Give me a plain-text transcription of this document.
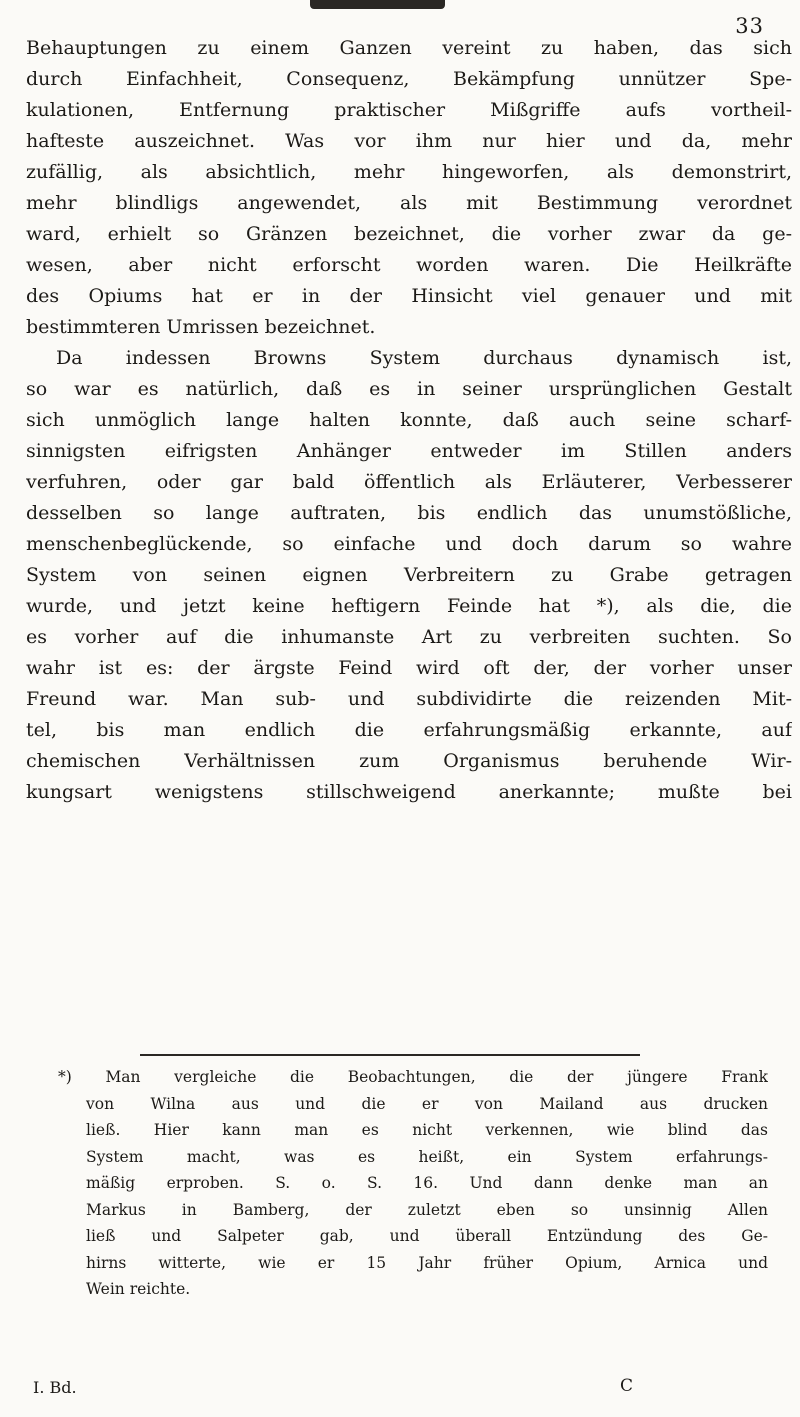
33
Behauptungen zu einem Ganzen vereint zu haben, das sich
durch Einfachheit, Consequenz, Bekämpfung unnützer Spe-
kulationen, Entfernung praktischer Mißgriffe aufs vortheil-
hafteste auszeichnet. Was vor ihm nur hier und da, mehr
zufällig, als absichtlich, mehr hingeworfen, als demonstrirt,
mehr blindligs angewendet, als mit Bestimmung verordnet
ward, erhielt so Gränzen bezeichnet, die vorher zwar da ge-
wesen, aber nicht erforscht worden waren. Die Heilkräfte
des Opiums hat er in der Hinsicht viel genauer und mit
bestimmteren Umrissen bezeichnet.
Da indessen Browns System durchaus dynamisch ist,
so war es natürlich, daß es in seiner ursprünglichen Gestalt
sich unmöglich lange halten konnte, daß auch seine scharf-
sinnigsten eifrigsten Anhänger entweder im Stillen anders
verfuhren, oder gar bald öffentlich als Erläuterer, Verbesserer
desselben so lange auftraten, bis endlich das unumstößliche,
menschenbeglückende, so einfache und doch darum so wahre
System von seinen eignen Verbreitern zu Grabe getragen
wurde, und jetzt keine heftigern Feinde hat *), als die, die
es vorher auf die inhumanste Art zu verbreiten suchten. So
wahr ist es: der ärgste Feind wird oft der, der vorher unser
Freund war. Man sub- und subdividirte die reizenden Mit-
tel, bis man endlich die erfahrungsmäßig erkannte, auf
chemischen Verhältnissen zum Organismus beruhende Wir-
kungsart wenigstens stillschweigend anerkannte; mußte bei
*) Man vergleiche die Beobachtungen, die der jüngere Frank
von Wilna aus und die er von Mailand aus drucken
ließ. Hier kann man es nicht verkennen, wie blind das
System macht, was es heißt, ein System erfahrungs-
mäßig erproben. S. o. S. 16. Und dann denke man an
Markus in Bamberg, der zuletzt eben so unsinnig Allen
ließ und Salpeter gab, und überall Entzündung des Ge-
hirns witterte, wie er 15 Jahr früher Opium, Arnica und
Wein reichte.
I. Bd.	C
